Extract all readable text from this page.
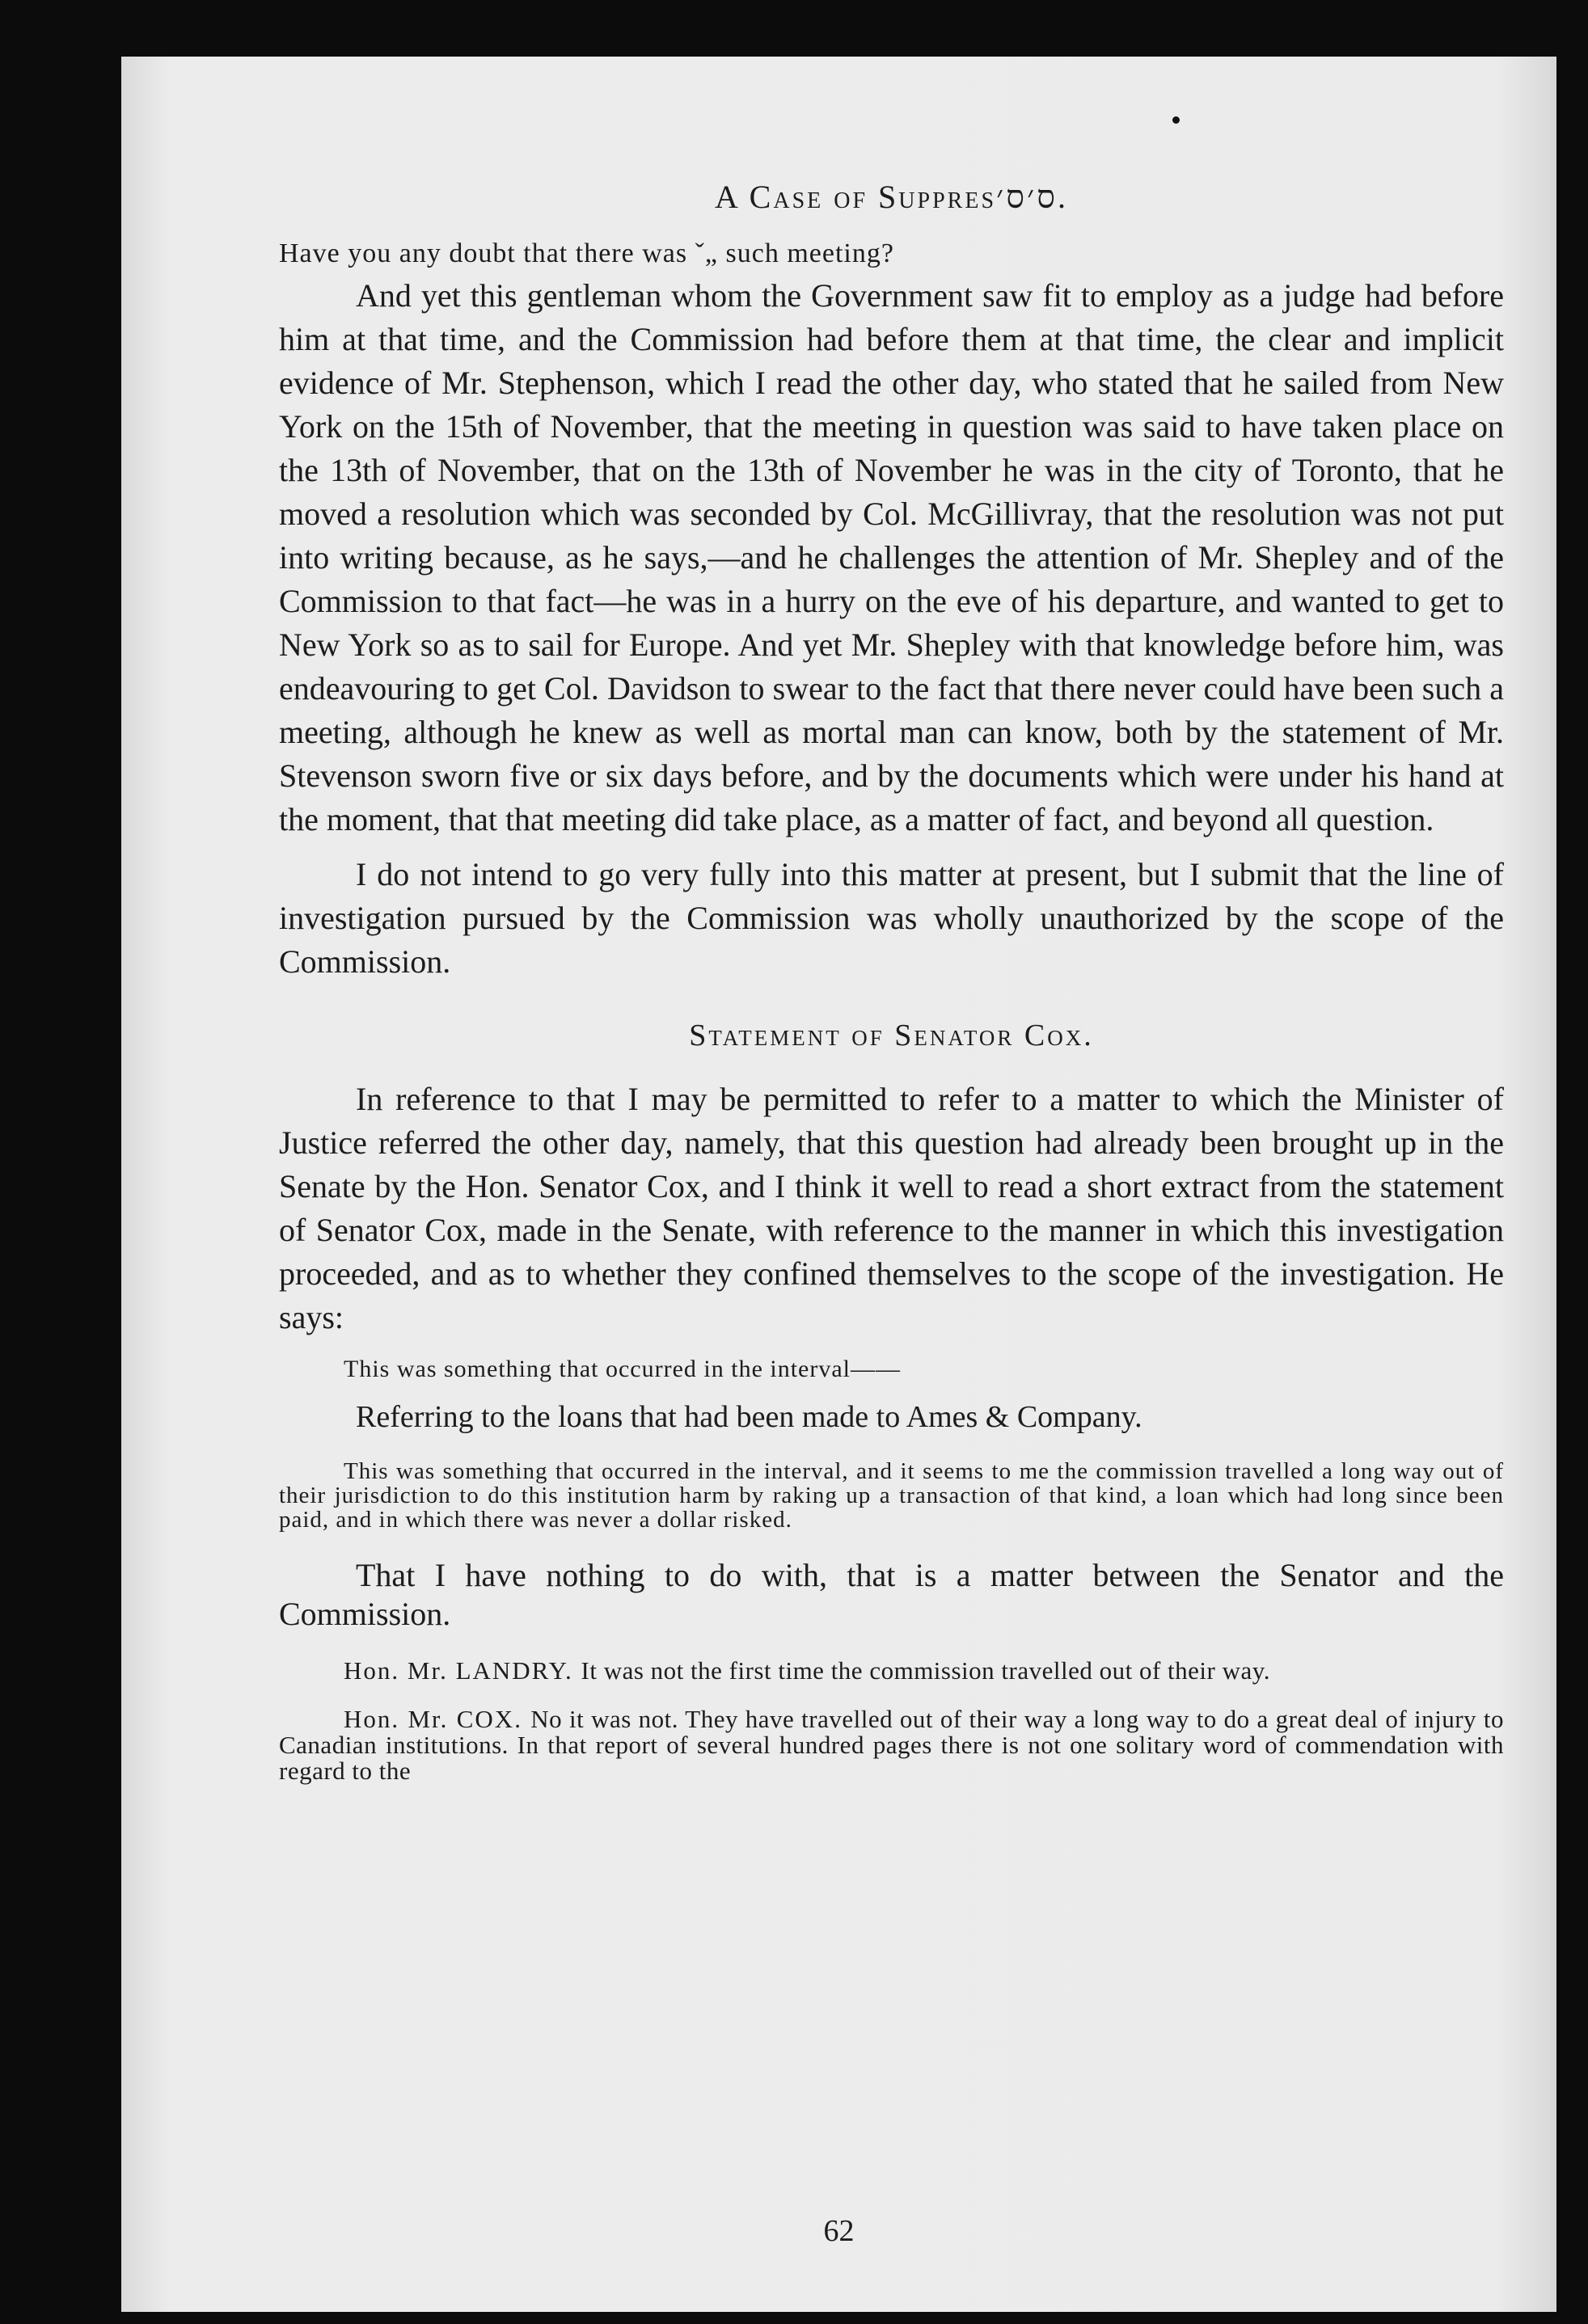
A Case of Suppresס׳ס׳.
Have you any doubt that there was ˇ„ such meeting?

And yet this gentleman whom the Government saw fit to employ as a judge had before him at that time, and the Commission had before them at that time, the clear and implicit evidence of Mr. Stephenson, which I read the other day, who stated that he sailed from New York on the 15th of November, that the meeting in question was said to have taken place on the 13th of November, that on the 13th of November he was in the city of Toronto, that he moved a resolution which was seconded by Col. McGillivray, that the resolution was not put into writing because, as he says,—and he challenges the attention of Mr. Shepley and of the Commission to that fact—he was in a hurry on the eve of his departure, and wanted to get to New York so as to sail for Europe. And yet Mr. Shepley with that knowledge before him, was endeavouring to get Col. Davidson to swear to the fact that there never could have been such a meeting, although he knew as well as mortal man can know, both by the statement of Mr. Stevenson sworn five or six days before, and by the documents which were under his hand at the moment, that that meeting did take place, as a matter of fact, and beyond all question.

I do not intend to go very fully into this matter at present, but I submit that the line of investigation pursued by the Commission was wholly unauthorized by the scope of the Commission.

Statement of Senator Cox.

In reference to that I may be permitted to refer to a matter to which the Minister of Justice referred the other day, namely, that this question had already been brought up in the Senate by the Hon. Senator Cox, and I think it well to read a short extract from the statement of Senator Cox, made in the Senate, with reference to the manner in which this investigation proceeded, and as to whether they confined themselves to the scope of the investigation. He says:

This was something that occurred in the interval——
Referring to the loans that had been made to Ames & Company.
This was something that occurred in the interval, and it seems to me the commission travelled a long way out of their jurisdiction to do this institution harm by raking up a transaction of that kind, a loan which had long since been paid, and in which there was never a dollar risked.

That I have nothing to do with, that is a matter between the Senator and the Commission.

Hon. Mr. LANDRY. It was not the first time the commission travelled out of their way.
Hon. Mr. COX. No it was not. They have travelled out of their way a long way to do a great deal of injury to Canadian institutions. In that report of several hundred pages there is not one solitary word of commendation with regard to the
62
